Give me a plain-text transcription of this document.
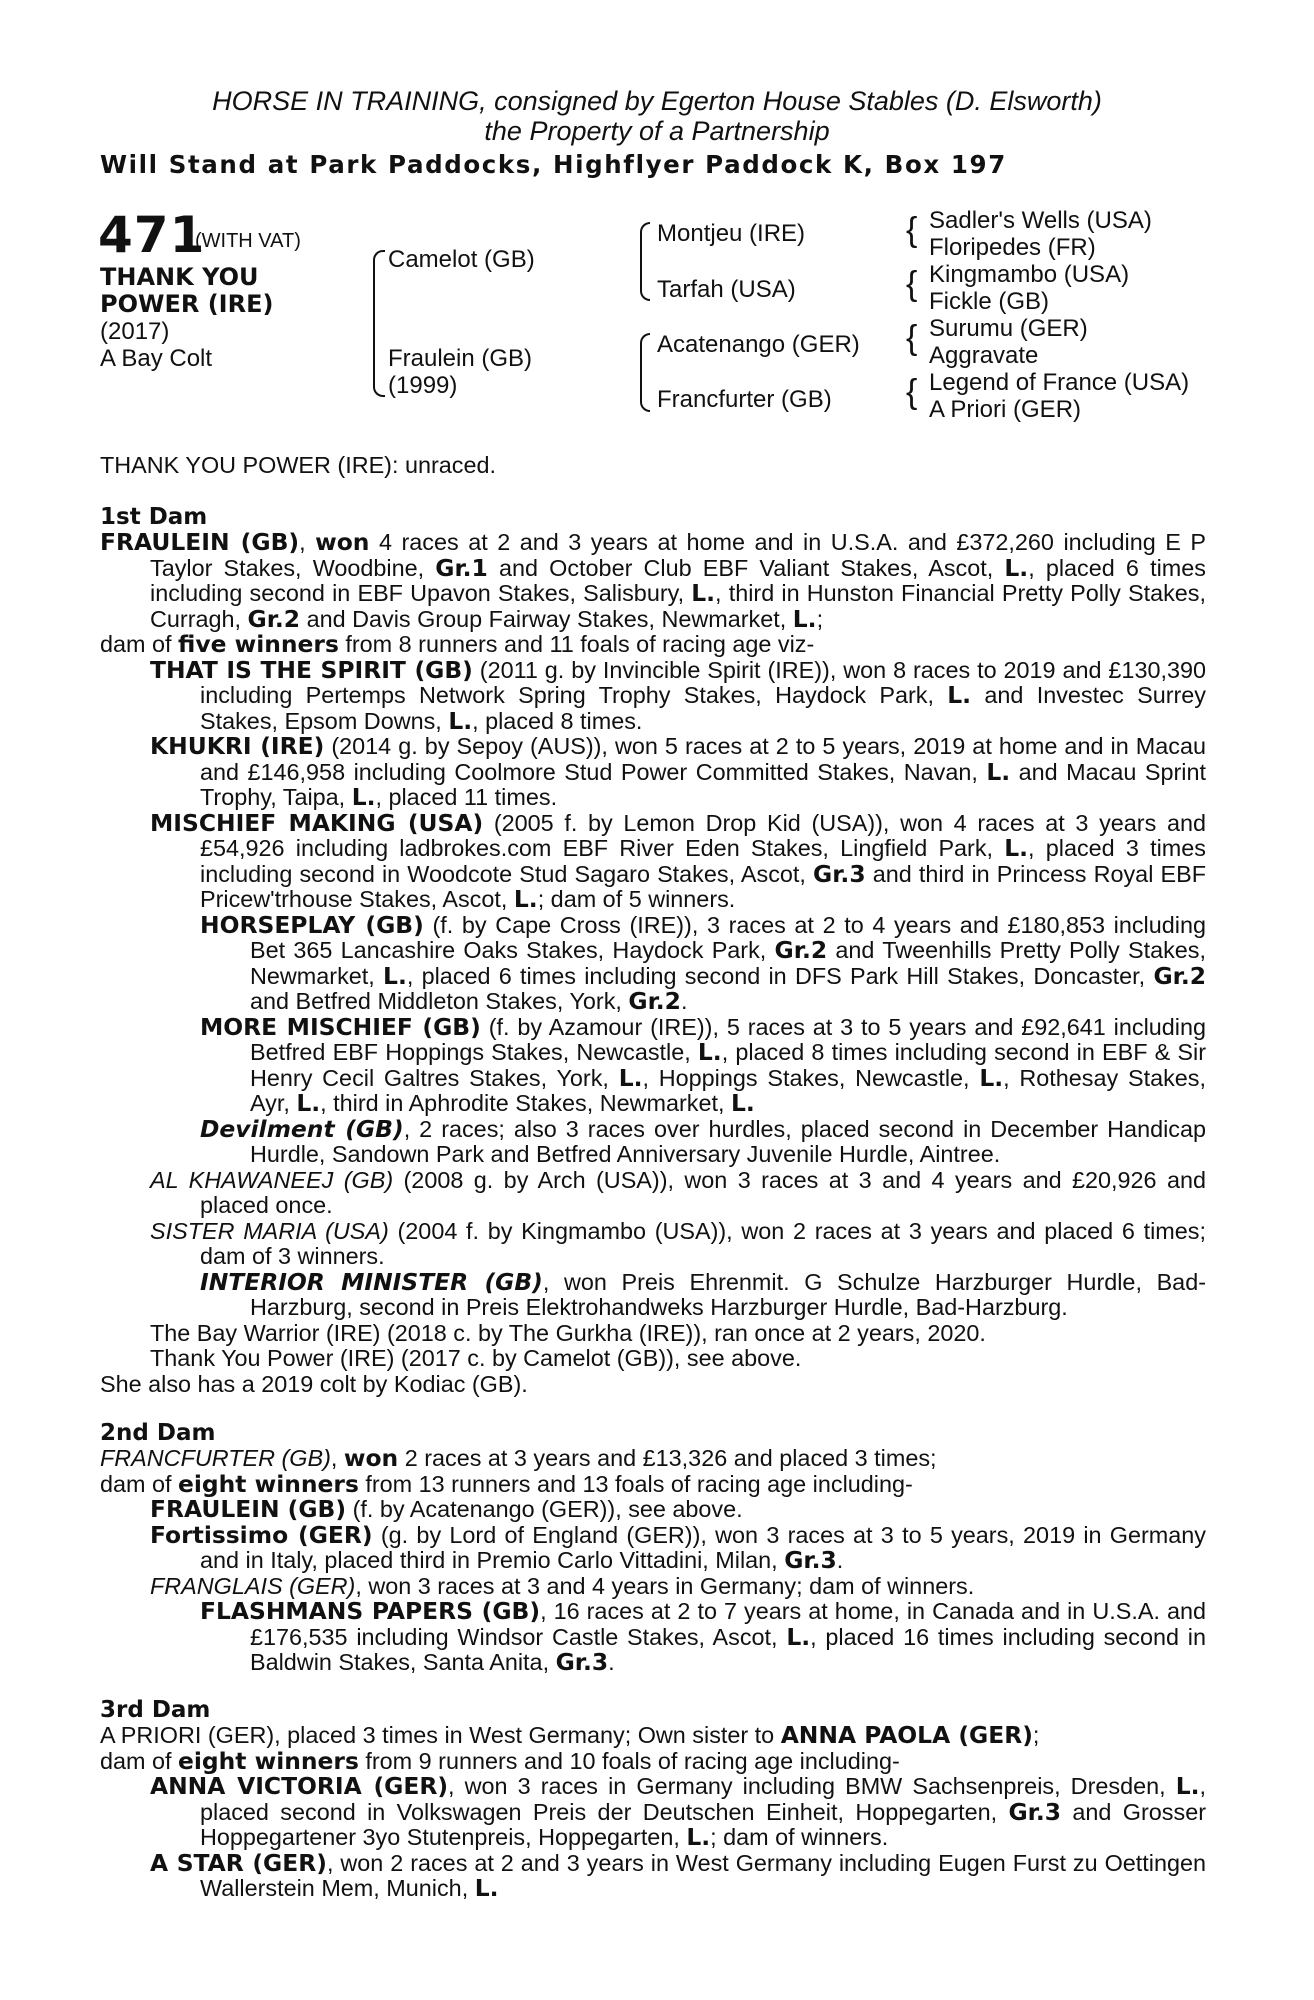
HORSE IN TRAINING, consigned by Egerton House Stables (D. Elsworth)
the Property of a Partnership
Will Stand at Park Paddocks, Highflyer Paddock K, Box 197
471
(WITH VAT)
THANK YOU
POWER (IRE)
(2017)
A Bay Colt
Camelot (GB)
Fraulein (GB)
(1999)
Montjeu (IRE)
Tarfah (USA)
Acatenango (GER)
Francfurter (GB)
{ Sadler's Wells (USA)
Floripedes (FR)
{ Kingmambo (USA)
Fickle (GB)
{ Surumu (GER)
Aggravate
{ Legend of France (USA)
A Priori (GER)
THANK YOU POWER (IRE): unraced.
1st Dam

FRAULEIN (GB), won 4 races at 2 and 3 years at home and in U.S.A. and £372,260 including E P Taylor Stakes, Woodbine, Gr.1 and October Club EBF Valiant Stakes, Ascot, L., placed 6 times including second in EBF Upavon Stakes, Salisbury, L., third in Hunston Financial Pretty Polly Stakes, Curragh, Gr.2 and Davis Group Fairway Stakes, Newmarket, L.;

dam of five winners from 8 runners and 11 foals of racing age viz-

THAT IS THE SPIRIT (GB) (2011 g. by Invincible Spirit (IRE)), won 8 races to 2019 and £130,390 including Pertemps Network Spring Trophy Stakes, Haydock Park, L. and Investec Surrey Stakes, Epsom Downs, L., placed 8 times.

KHUKRI (IRE) (2014 g. by Sepoy (AUS)), won 5 races at 2 to 5 years, 2019 at home and in Macau and £146,958 including Coolmore Stud Power Committed Stakes, Navan, L. and Macau Sprint Trophy, Taipa, L., placed 11 times.

MISCHIEF MAKING (USA) (2005 f. by Lemon Drop Kid (USA)), won 4 races at 3 years and £54,926 including ladbrokes.com EBF River Eden Stakes, Lingfield Park, L., placed 3 times including second in Woodcote Stud Sagaro Stakes, Ascot, Gr.3 and third in Princess Royal EBF Pricew'trhouse Stakes, Ascot, L.; dam of 5 winners.

HORSEPLAY (GB) (f. by Cape Cross (IRE)), 3 races at 2 to 4 years and £180,853 including Bet 365 Lancashire Oaks Stakes, Haydock Park, Gr.2 and Tweenhills Pretty Polly Stakes, Newmarket, L., placed 6 times including second in DFS Park Hill Stakes, Doncaster, Gr.2 and Betfred Middleton Stakes, York, Gr.2.

MORE MISCHIEF (GB) (f. by Azamour (IRE)), 5 races at 3 to 5 years and £92,641 including Betfred EBF Hoppings Stakes, Newcastle, L., placed 8 times including second in EBF & Sir Henry Cecil Galtres Stakes, York, L., Hoppings Stakes, Newcastle, L., Rothesay Stakes, Ayr, L., third in Aphrodite Stakes, Newmarket, L.

Devilment (GB), 2 races; also 3 races over hurdles, placed second in December Handicap Hurdle, Sandown Park and Betfred Anniversary Juvenile Hurdle, Aintree.

AL KHAWANEEJ (GB) (2008 g. by Arch (USA)), won 3 races at 3 and 4 years and £20,926 and placed once.

SISTER MARIA (USA) (2004 f. by Kingmambo (USA)), won 2 races at 3 years and placed 6 times; dam of 3 winners.

INTERIOR MINISTER (GB), won Preis Ehrenmit. G Schulze Harzburger Hurdle, Bad-Harzburg, second in Preis Elektrohandweks Harzburger Hurdle, Bad-Harzburg.

The Bay Warrior (IRE) (2018 c. by The Gurkha (IRE)), ran once at 2 years, 2020.

Thank You Power (IRE) (2017 c. by Camelot (GB)), see above.

She also has a 2019 colt by Kodiac (GB).

2nd Dam

FRANCFURTER (GB), won 2 races at 3 years and £13,326 and placed 3 times;

dam of eight winners from 13 runners and 13 foals of racing age including-

FRAULEIN (GB) (f. by Acatenango (GER)), see above.

Fortissimo (GER) (g. by Lord of England (GER)), won 3 races at 3 to 5 years, 2019 in Germany and in Italy, placed third in Premio Carlo Vittadini, Milan, Gr.3.

FRANGLAIS (GER), won 3 races at 3 and 4 years in Germany; dam of winners.

FLASHMANS PAPERS (GB), 16 races at 2 to 7 years at home, in Canada and in U.S.A. and £176,535 including Windsor Castle Stakes, Ascot, L., placed 16 times including second in Baldwin Stakes, Santa Anita, Gr.3.

3rd Dam

A PRIORI (GER), placed 3 times in West Germany; Own sister to ANNA PAOLA (GER);

dam of eight winners from 9 runners and 10 foals of racing age including-

ANNA VICTORIA (GER), won 3 races in Germany including BMW Sachsenpreis, Dresden, L., placed second in Volkswagen Preis der Deutschen Einheit, Hoppegarten, Gr.3 and Grosser Hoppegartener 3yo Stutenpreis, Hoppegarten, L.; dam of winners.

A STAR (GER), won 2 races at 2 and 3 years in West Germany including Eugen Furst zu Oettingen Wallerstein Mem, Munich, L.
